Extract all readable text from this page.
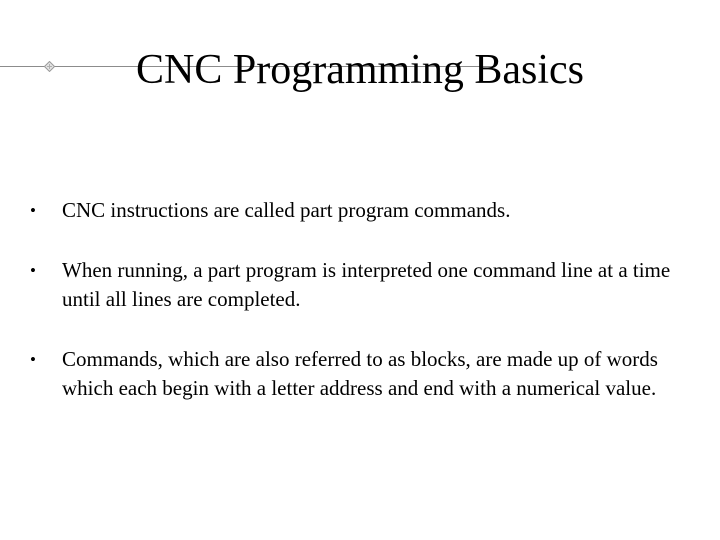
CNC Programming Basics
• CNC instructions are called part program commands.
• When running, a part program is interpreted one command line at a time until all lines are completed.
• Commands, which are also referred to as blocks, are made up of words which each begin with a letter address and end with a numerical value.
